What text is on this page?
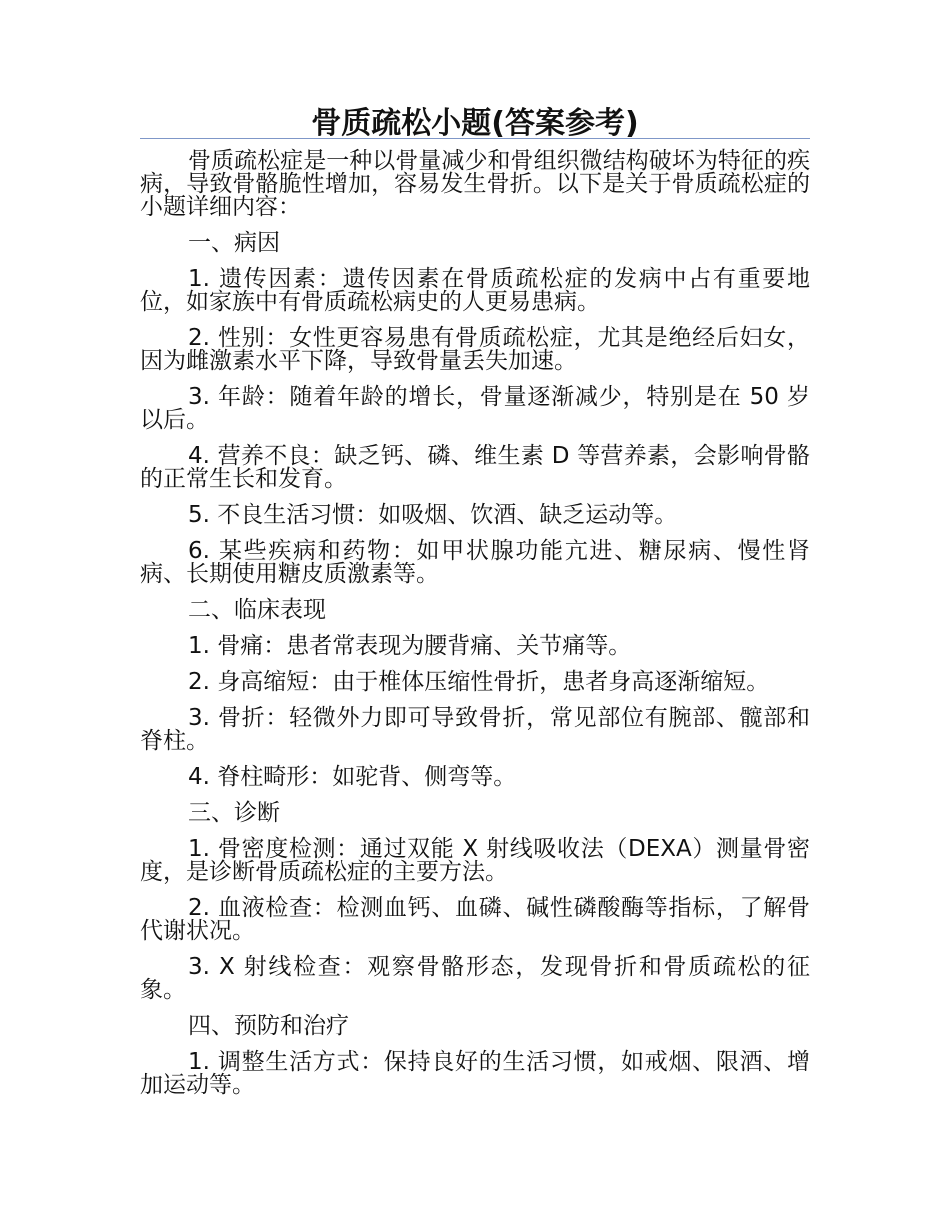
骨质疏松小题(答案参考)

骨质疏松症是一种以骨量减少和骨组织微结构破坏为特征的疾病，导致骨骼脆性增加，容易发生骨折。以下是关于骨质疏松症的小题详细内容：

一、病因

1. 遗传因素：遗传因素在骨质疏松症的发病中占有重要地位，如家族中有骨质疏松病史的人更易患病。

2. 性别：女性更容易患有骨质疏松症，尤其是绝经后妇女，因为雌激素水平下降，导致骨量丢失加速。

3. 年龄：随着年龄的增长，骨量逐渐减少，特别是在 50 岁以后。

4. 营养不良：缺乏钙、磷、维生素 D 等营养素，会影响骨骼的正常生长和发育。

5. 不良生活习惯：如吸烟、饮酒、缺乏运动等。

6. 某些疾病和药物：如甲状腺功能亢进、糖尿病、慢性肾病、长期使用糖皮质激素等。

二、临床表现

1. 骨痛：患者常表现为腰背痛、关节痛等。

2. 身高缩短：由于椎体压缩性骨折，患者身高逐渐缩短。

3. 骨折：轻微外力即可导致骨折，常见部位有腕部、髋部和脊柱。

4. 脊柱畸形：如驼背、侧弯等。

三、诊断

1. 骨密度检测：通过双能 X 射线吸收法（DEXA）测量骨密度，是诊断骨质疏松症的主要方法。

2. 血液检查：检测血钙、血磷、碱性磷酸酶等指标，了解骨代谢状况。

3. X 射线检查：观察骨骼形态，发现骨折和骨质疏松的征象。

四、预防和治疗

1. 调整生活方式：保持良好的生活习惯，如戒烟、限酒、增加运动等。
